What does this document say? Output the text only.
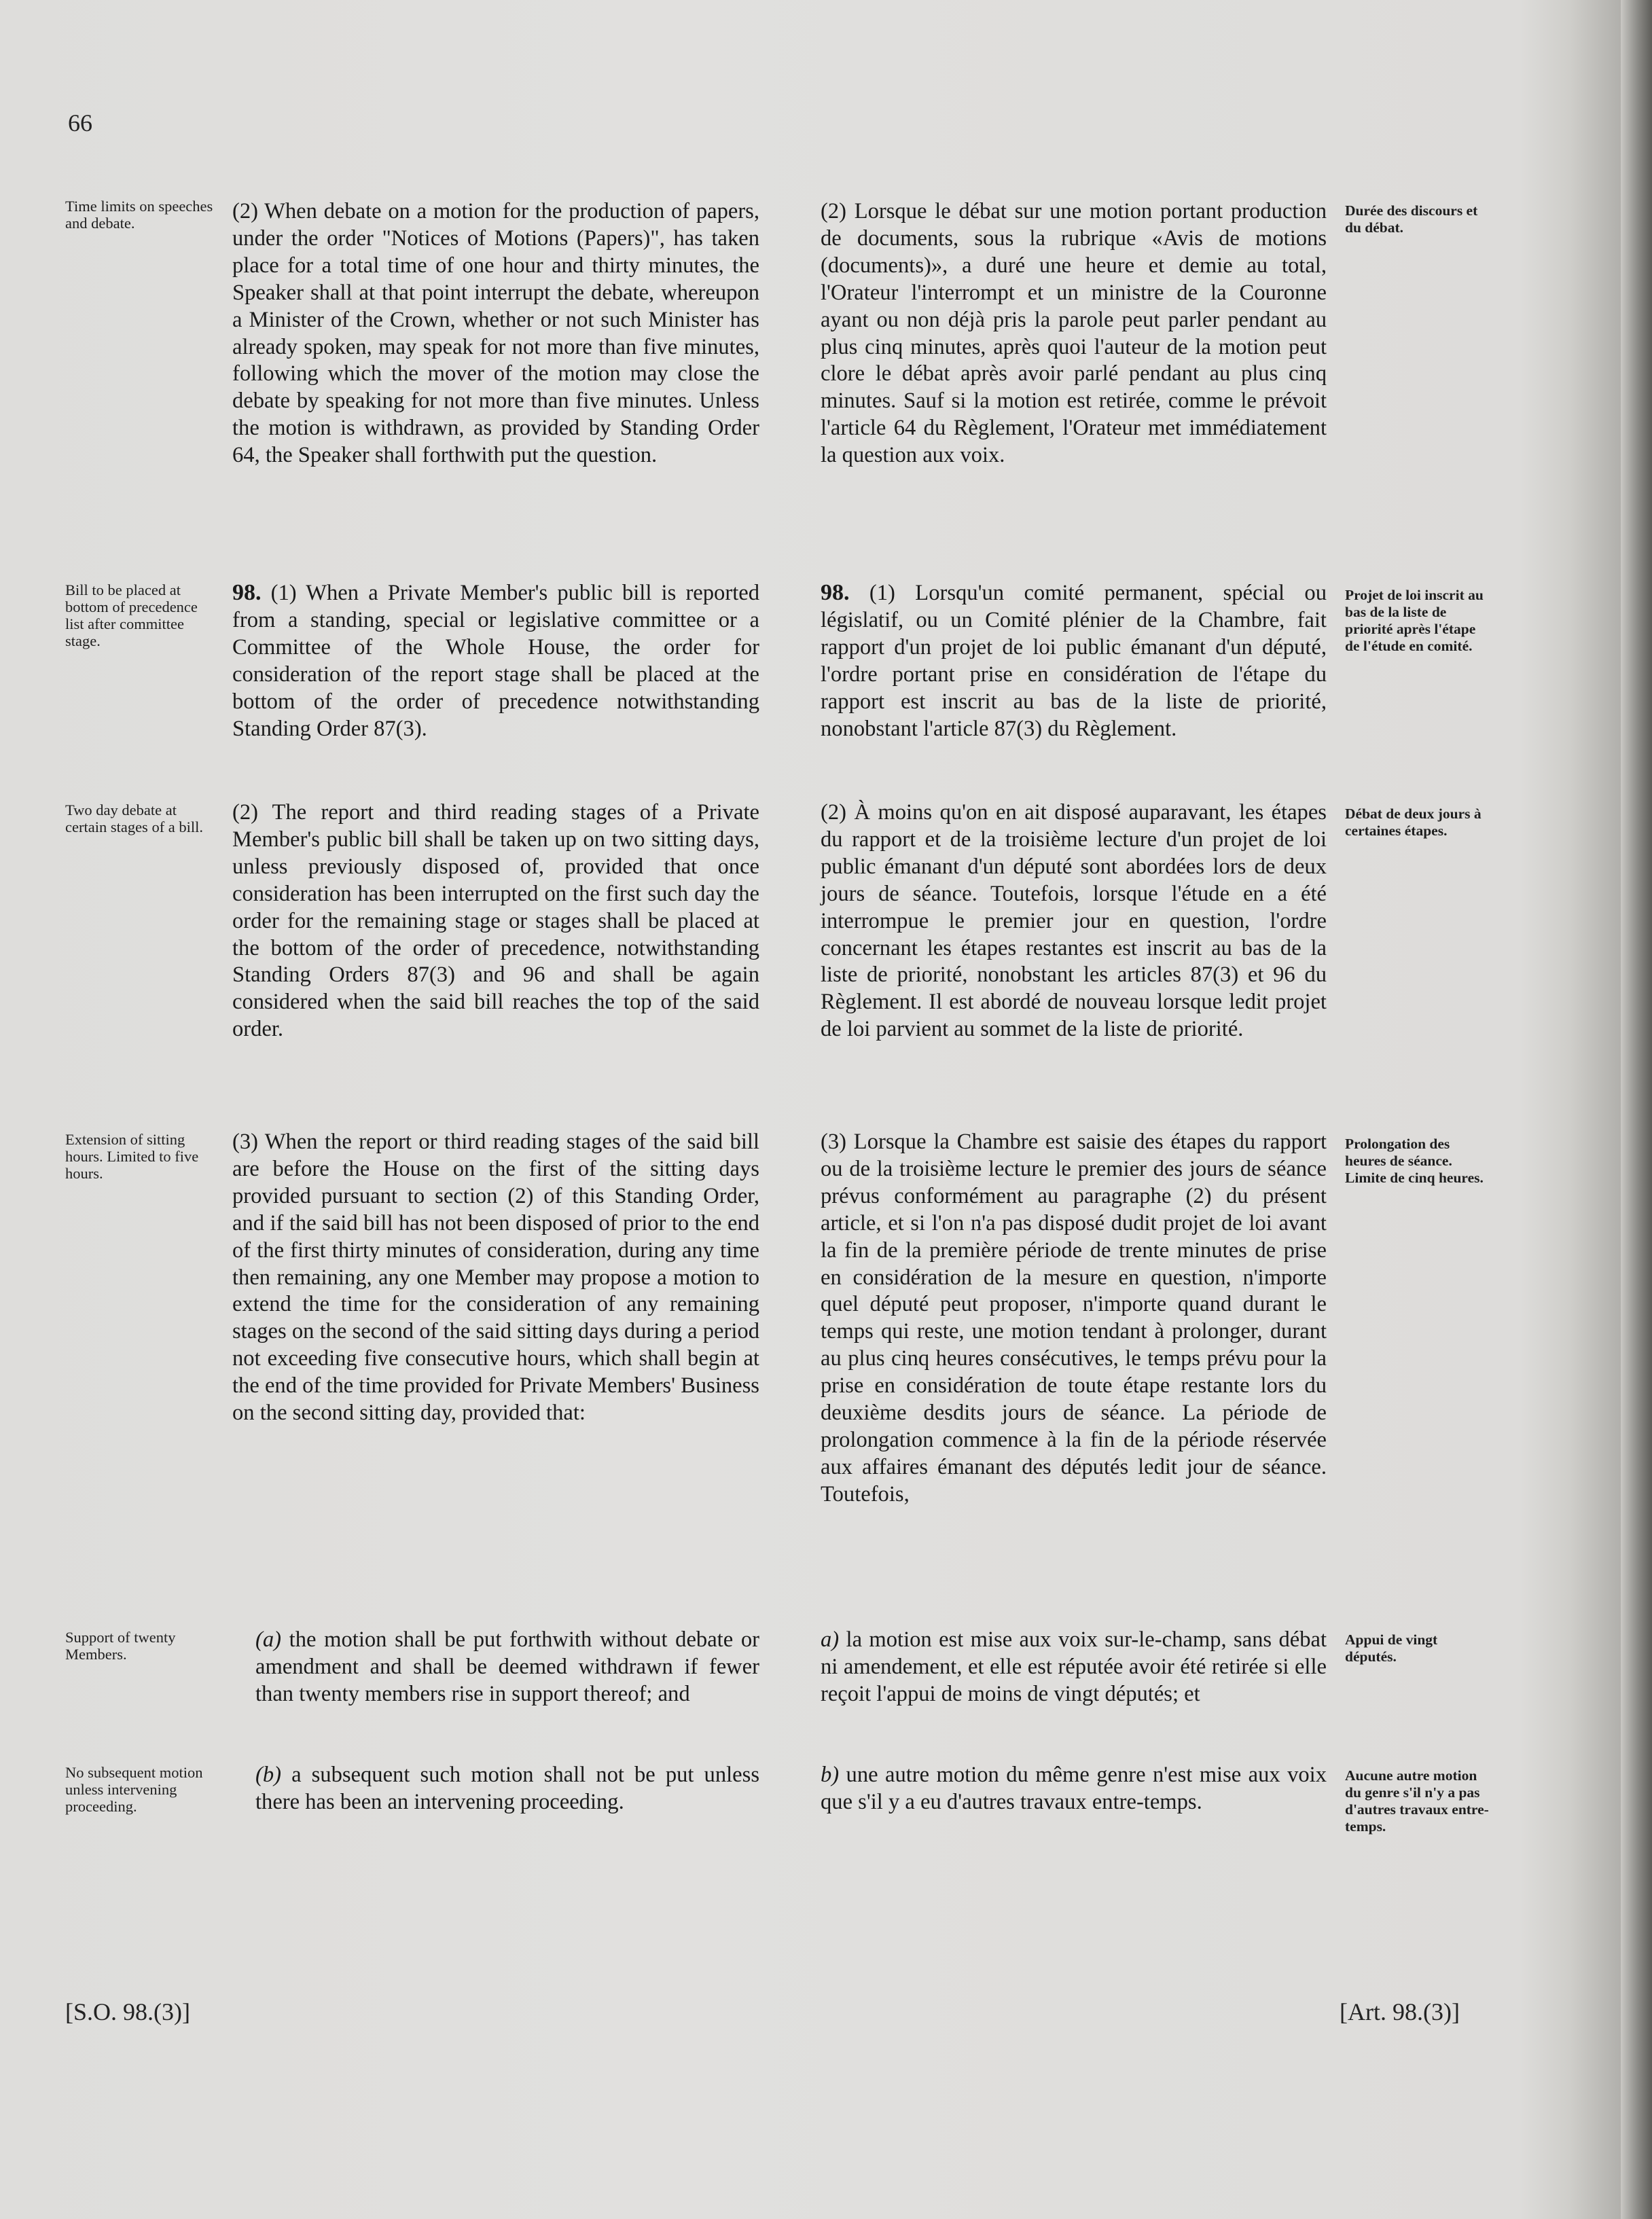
66

Time limits on speeches and debate.	(2) When debate on a motion for the production of papers, under the order "Notices of Motions (Papers)", has taken place for a total time of one hour and thirty minutes, the Speaker shall at that point interrupt the debate, whereupon a Minister of the Crown, whether or not such Minister has already spoken, may speak for not more than five minutes, following which the mover of the motion may close the debate by speaking for not more than five minutes. Unless the motion is withdrawn, as provided by Standing Order 64, the Speaker shall forthwith put the question.

(2) Lorsque le débat sur une motion portant production de documents, sous la rubrique «Avis de motions (documents)», a duré une heure et demie au total, l'Orateur l'interrompt et un ministre de la Couronne ayant ou non déjà pris la parole peut parler pendant au plus cinq minutes, après quoi l'auteur de la motion peut clore le débat après avoir parlé pendant au plus cinq minutes. Sauf si la motion est retirée, comme le prévoit l'article 64 du Règlement, l'Orateur met immédiatement la question aux voix.

Durée des discours et du débat.

Bill to be placed at bottom of precedence list after committee stage.

98. (1) When a Private Member's public bill is reported from a standing, special or legislative committee or a Committee of the Whole House, the order for consideration of the report stage shall be placed at the bottom of the order of precedence notwithstanding Standing Order 87(3).

98. (1) Lorsqu'un comité permanent, spécial ou législatif, ou un Comité plénier de la Chambre, fait rapport d'un projet de loi public émanant d'un député, l'ordre portant prise en considération de l'étape du rapport est inscrit au bas de la liste de priorité, nonobstant l'article 87(3) du Règlement.

Projet de loi inscrit au bas de la liste de priorité après l'étape de l'étude en comité.

Two day debate at certain stages of a bill.

(2) The report and third reading stages of a Private Member's public bill shall be taken up on two sitting days, unless previously disposed of, provided that once consideration has been interrupted on the first such day the order for the remaining stage or stages shall be placed at the bottom of the order of precedence, notwithstanding Standing Orders 87(3) and 96 and shall be again considered when the said bill reaches the top of the said order.

(2) À moins qu'on en ait disposé auparavant, les étapes du rapport et de la troisième lecture d'un projet de loi public émanant d'un député sont abordées lors de deux jours de séance. Toutefois, lorsque l'étude en a été interrompue le premier jour en question, l'ordre concernant les étapes restantes est inscrit au bas de la liste de priorité, nonobstant les articles 87(3) et 96 du Règlement. Il est abordé de nouveau lorsque ledit projet de loi parvient au sommet de la liste de priorité.

Débat de deux jours à certaines étapes.

Extension of sitting hours. Limited to five hours.

(3) When the report or third reading stages of the said bill are before the House on the first of the sitting days provided pursuant to section (2) of this Standing Order, and if the said bill has not been disposed of prior to the end of the first thirty minutes of consideration, during any time then remaining, any one Member may propose a motion to extend the time for the consideration of any remaining stages on the second of the said sitting days during a period not exceeding five consecutive hours, which shall begin at the end of the time provided for Private Members' Business on the second sitting day, provided that:

(3) Lorsque la Chambre est saisie des étapes du rapport ou de la troisième lecture le premier des jours de séance prévus conformément au paragraphe (2) du présent article, et si l'on n'a pas disposé dudit projet de loi avant la fin de la première période de trente minutes de prise en considération de la mesure en question, n'importe quel député peut proposer, n'importe quand durant le temps qui reste, une motion tendant à prolonger, durant au plus cinq heures consécutives, le temps prévu pour la prise en considération de toute étape restante lors du deuxième desdits jours de séance. La période de prolongation commence à la fin de la période réservée aux affaires émanant des députés ledit jour de séance. Toutefois,

Prolongation des heures de séance. Limite de cinq heures.

Support of twenty Members.

(a) the motion shall be put forthwith without debate or amendment and shall be deemed withdrawn if fewer than twenty members rise in support thereof; and

a) la motion est mise aux voix sur-le-champ, sans débat ni amendement, et elle est réputée avoir été retirée si elle reçoit l'appui de moins de vingt députés; et

Appui de vingt députés.

No subsequent motion unless intervening proceeding.

(b) a subsequent such motion shall not be put unless there has been an intervening proceeding.

b) une autre motion du même genre n'est mise aux voix que s'il y a eu d'autres travaux entre-temps.

Aucune autre motion du genre s'il n'y a pas d'autres travaux entre-temps.

[S.O. 98.(3)]	[Art. 98.(3)]
